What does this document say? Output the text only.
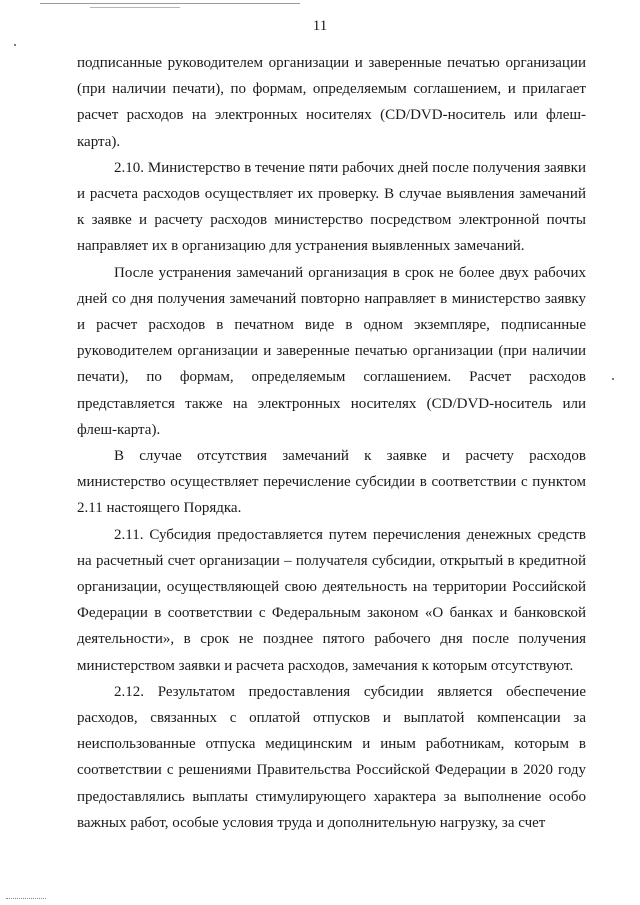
11

подписанные руководителем организации и заверенные печатью организации (при наличии печати), по формам, определяемым соглашением, и прилагает расчет расходов на электронных носителях (CD/DVD-носитель или флеш-карта).

2.10. Министерство в течение пяти рабочих дней после получения заявки и расчета расходов осуществляет их проверку. В случае выявления замечаний к заявке и расчету расходов министерство посредством электронной почты направляет их в организацию для устранения выявленных замечаний.

После устранения замечаний организация в срок не более двух рабочих дней со дня получения замечаний повторно направляет в министерство заявку и расчет расходов в печатном виде в одном экземпляре, подписанные руководителем организации и заверенные печатью организации (при наличии печати), по формам, определяемым соглашением. Расчет расходов представляется также на электронных носителях (CD/DVD-носитель или флеш-карта).

В случае отсутствия замечаний к заявке и расчету расходов министерство осуществляет перечисление субсидии в соответствии с пунктом 2.11 настоящего Порядка.

2.11. Субсидия предоставляется путем перечисления денежных средств на расчетный счет организации – получателя субсидии, открытый в кредитной организации, осуществляющей свою деятельность на территории Российской Федерации в соответствии с Федеральным законом «О банках и банковской деятельности», в срок не позднее пятого рабочего дня после получения министерством заявки и расчета расходов, замечания к которым отсутствуют.

2.12. Результатом предоставления субсидии является обеспечение расходов, связанных с оплатой отпусков и выплатой компенсации за неиспользованные отпуска медицинским и иным работникам, которым в соответствии с решениями Правительства Российской Федерации в 2020 году предоставлялись выплаты стимулирующего характера за выполнение особо важных работ, особые условия труда и дополнительную нагрузку, за счет
